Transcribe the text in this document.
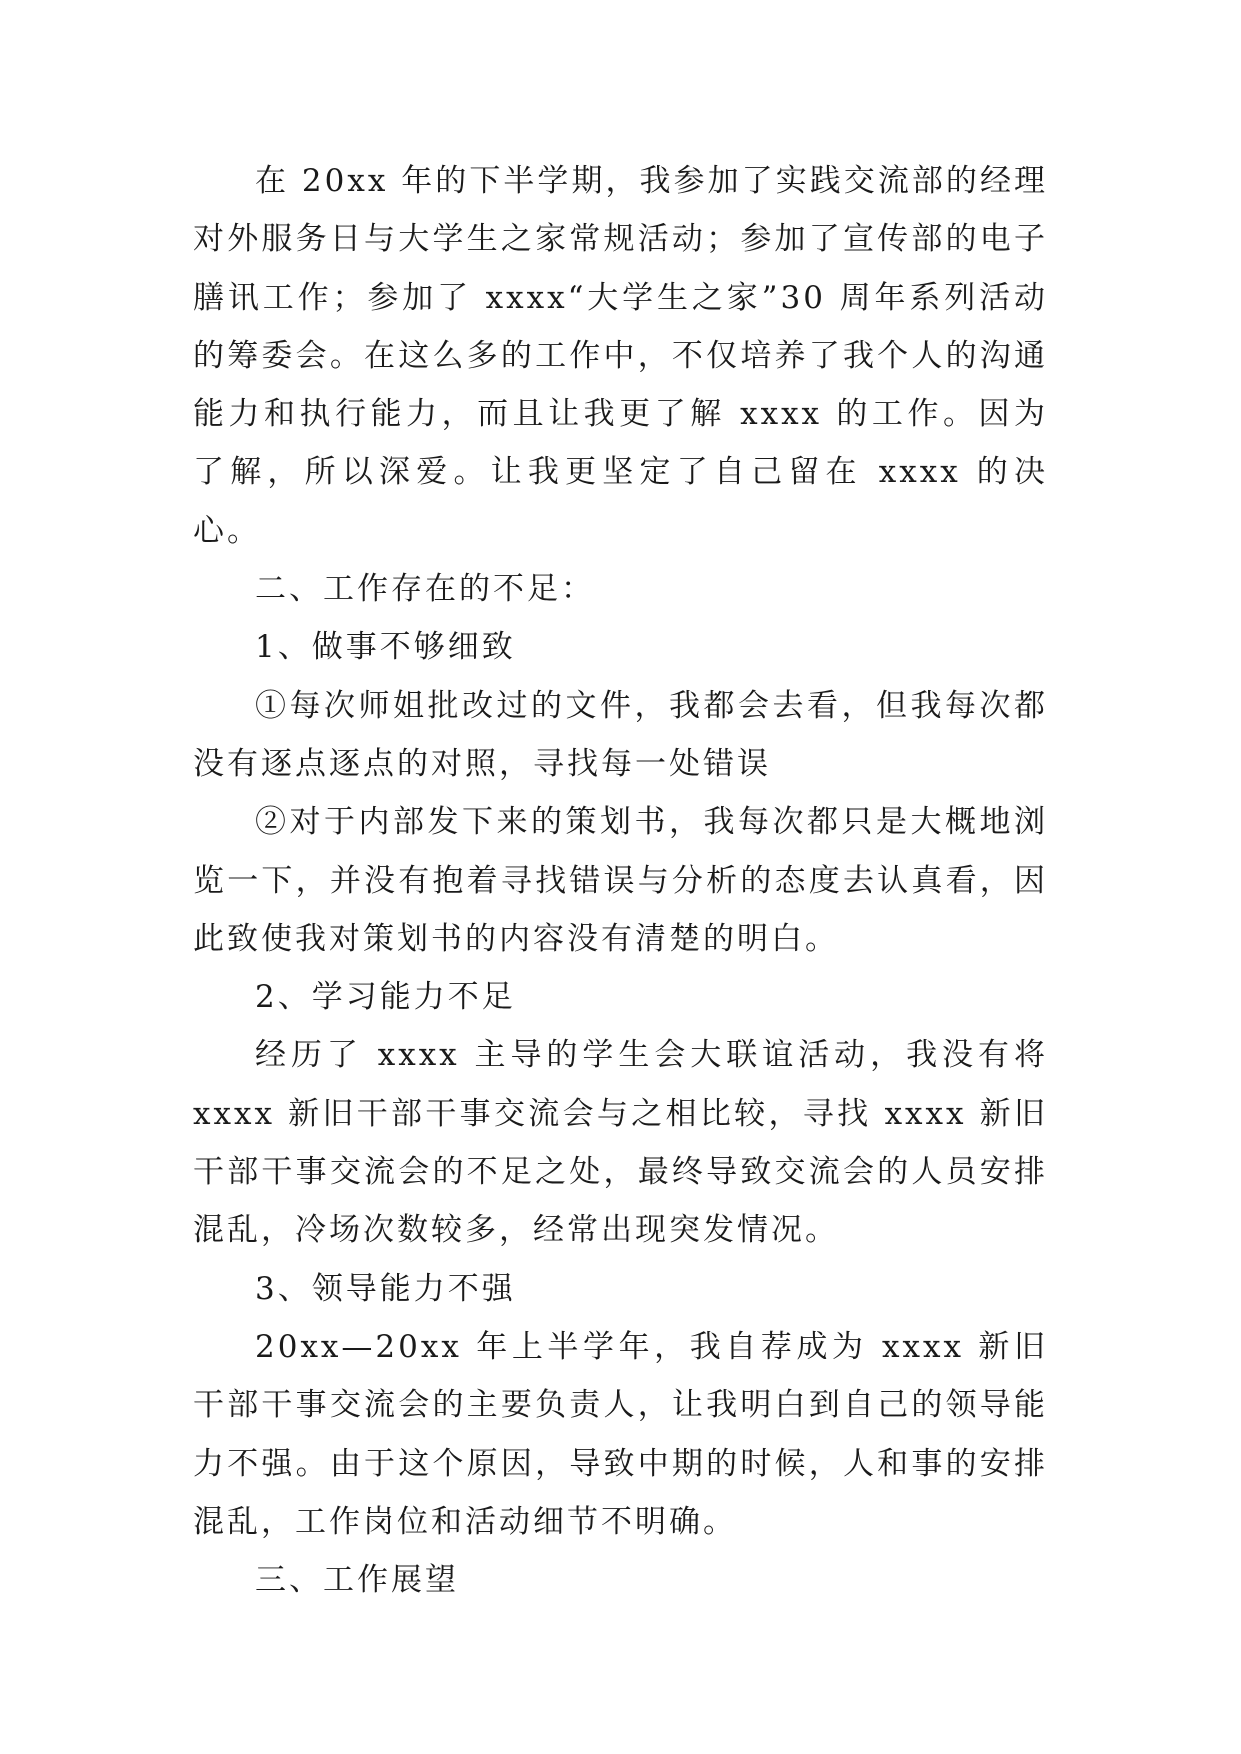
在 20xx 年的下半学期，我参加了实践交流部的经理对外服务日与大学生之家常规活动；参加了宣传部的电子膳讯工作；参加了 xxxx“大学生之家”30 周年系列活动的筹委会。在这么多的工作中，不仅培养了我个人的沟通能力和执行能力，而且让我更了解 xxxx 的工作。因为了解，所以深爱。让我更坚定了自己留在 xxxx 的决心。

二、工作存在的不足：

1、做事不够细致

①每次师姐批改过的文件，我都会去看，但我每次都没有逐点逐点的对照，寻找每一处错误

②对于内部发下来的策划书，我每次都只是大概地浏览一下，并没有抱着寻找错误与分析的态度去认真看，因此致使我对策划书的内容没有清楚的明白。

2、学习能力不足

经历了 xxxx 主导的学生会大联谊活动，我没有将 xxxx 新旧干部干事交流会与之相比较，寻找 xxxx 新旧干部干事交流会的不足之处，最终导致交流会的人员安排混乱，冷场次数较多，经常出现突发情况。

3、领导能力不强

20xx—20xx 年上半学年，我自荐成为 xxxx 新旧干部干事交流会的主要负责人，让我明白到自己的领导能力不强。由于这个原因，导致中期的时候，人和事的安排混乱，工作岗位和活动细节不明确。

三、工作展望
